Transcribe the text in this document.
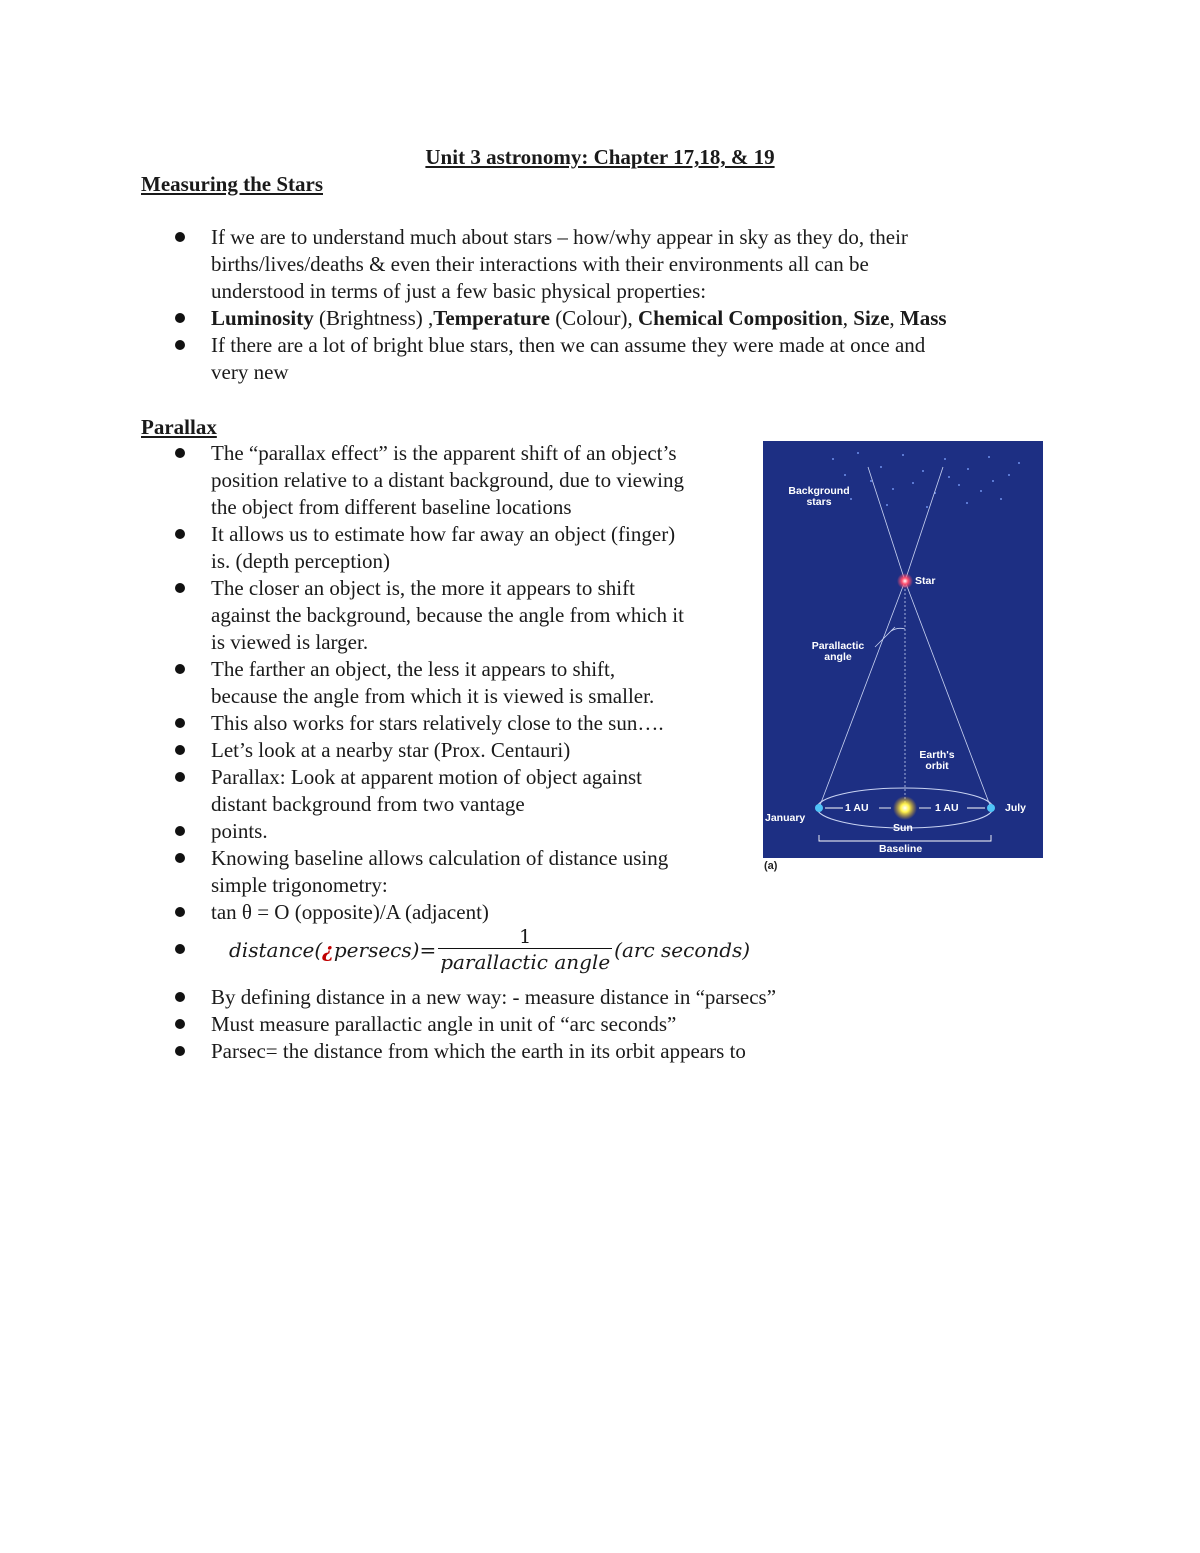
Unit 3 astronomy: Chapter 17,18, & 19
Measuring the Stars
If we are to understand much about stars – how/why appear in sky as they do, their
births/lives/deaths & even their interactions with their environments all can be
understood in terms of just a few basic physical properties:
Luminosity (Brightness) ,Temperature (Colour), Chemical Composition, Size, Mass
If there are a lot of bright blue stars, then we can assume they were made at once and
very new
Parallax
The “parallax effect” is the apparent shift of an object’s
position relative to a distant background, due to viewing
the object from different baseline locations
It allows us to estimate how far away an object (finger)
is. (depth perception)
The closer an object is, the more it appears to shift
against the background, because the angle from which it
is viewed is larger.
The farther an object, the less it appears to shift,
because the angle from which it is viewed is smaller.
This also works for stars relatively close to the sun….
Let’s look at a nearby star (Prox. Centauri)
Parallax: Look at apparent motion of object against
distant background from two vantage
points.
Knowing baseline allows calculation of distance using
simple trigonometry:
tan θ = O (opposite)/A (adjacent)
distance( ¿ persecs )= $\frac{1}{\text{parallactic angle}} (arc$ seconds)
By defining distance in a new way: - measure distance in “parsecs”
Must measure parallactic angle in unit of “arc seconds”
Parsec= the distance from which the earth in its orbit appears to
Background
stars
Star
Parallactic
angle
Earth's
orbit
1 AU	1 AU
January
July
Sun
Baseline
(a)
